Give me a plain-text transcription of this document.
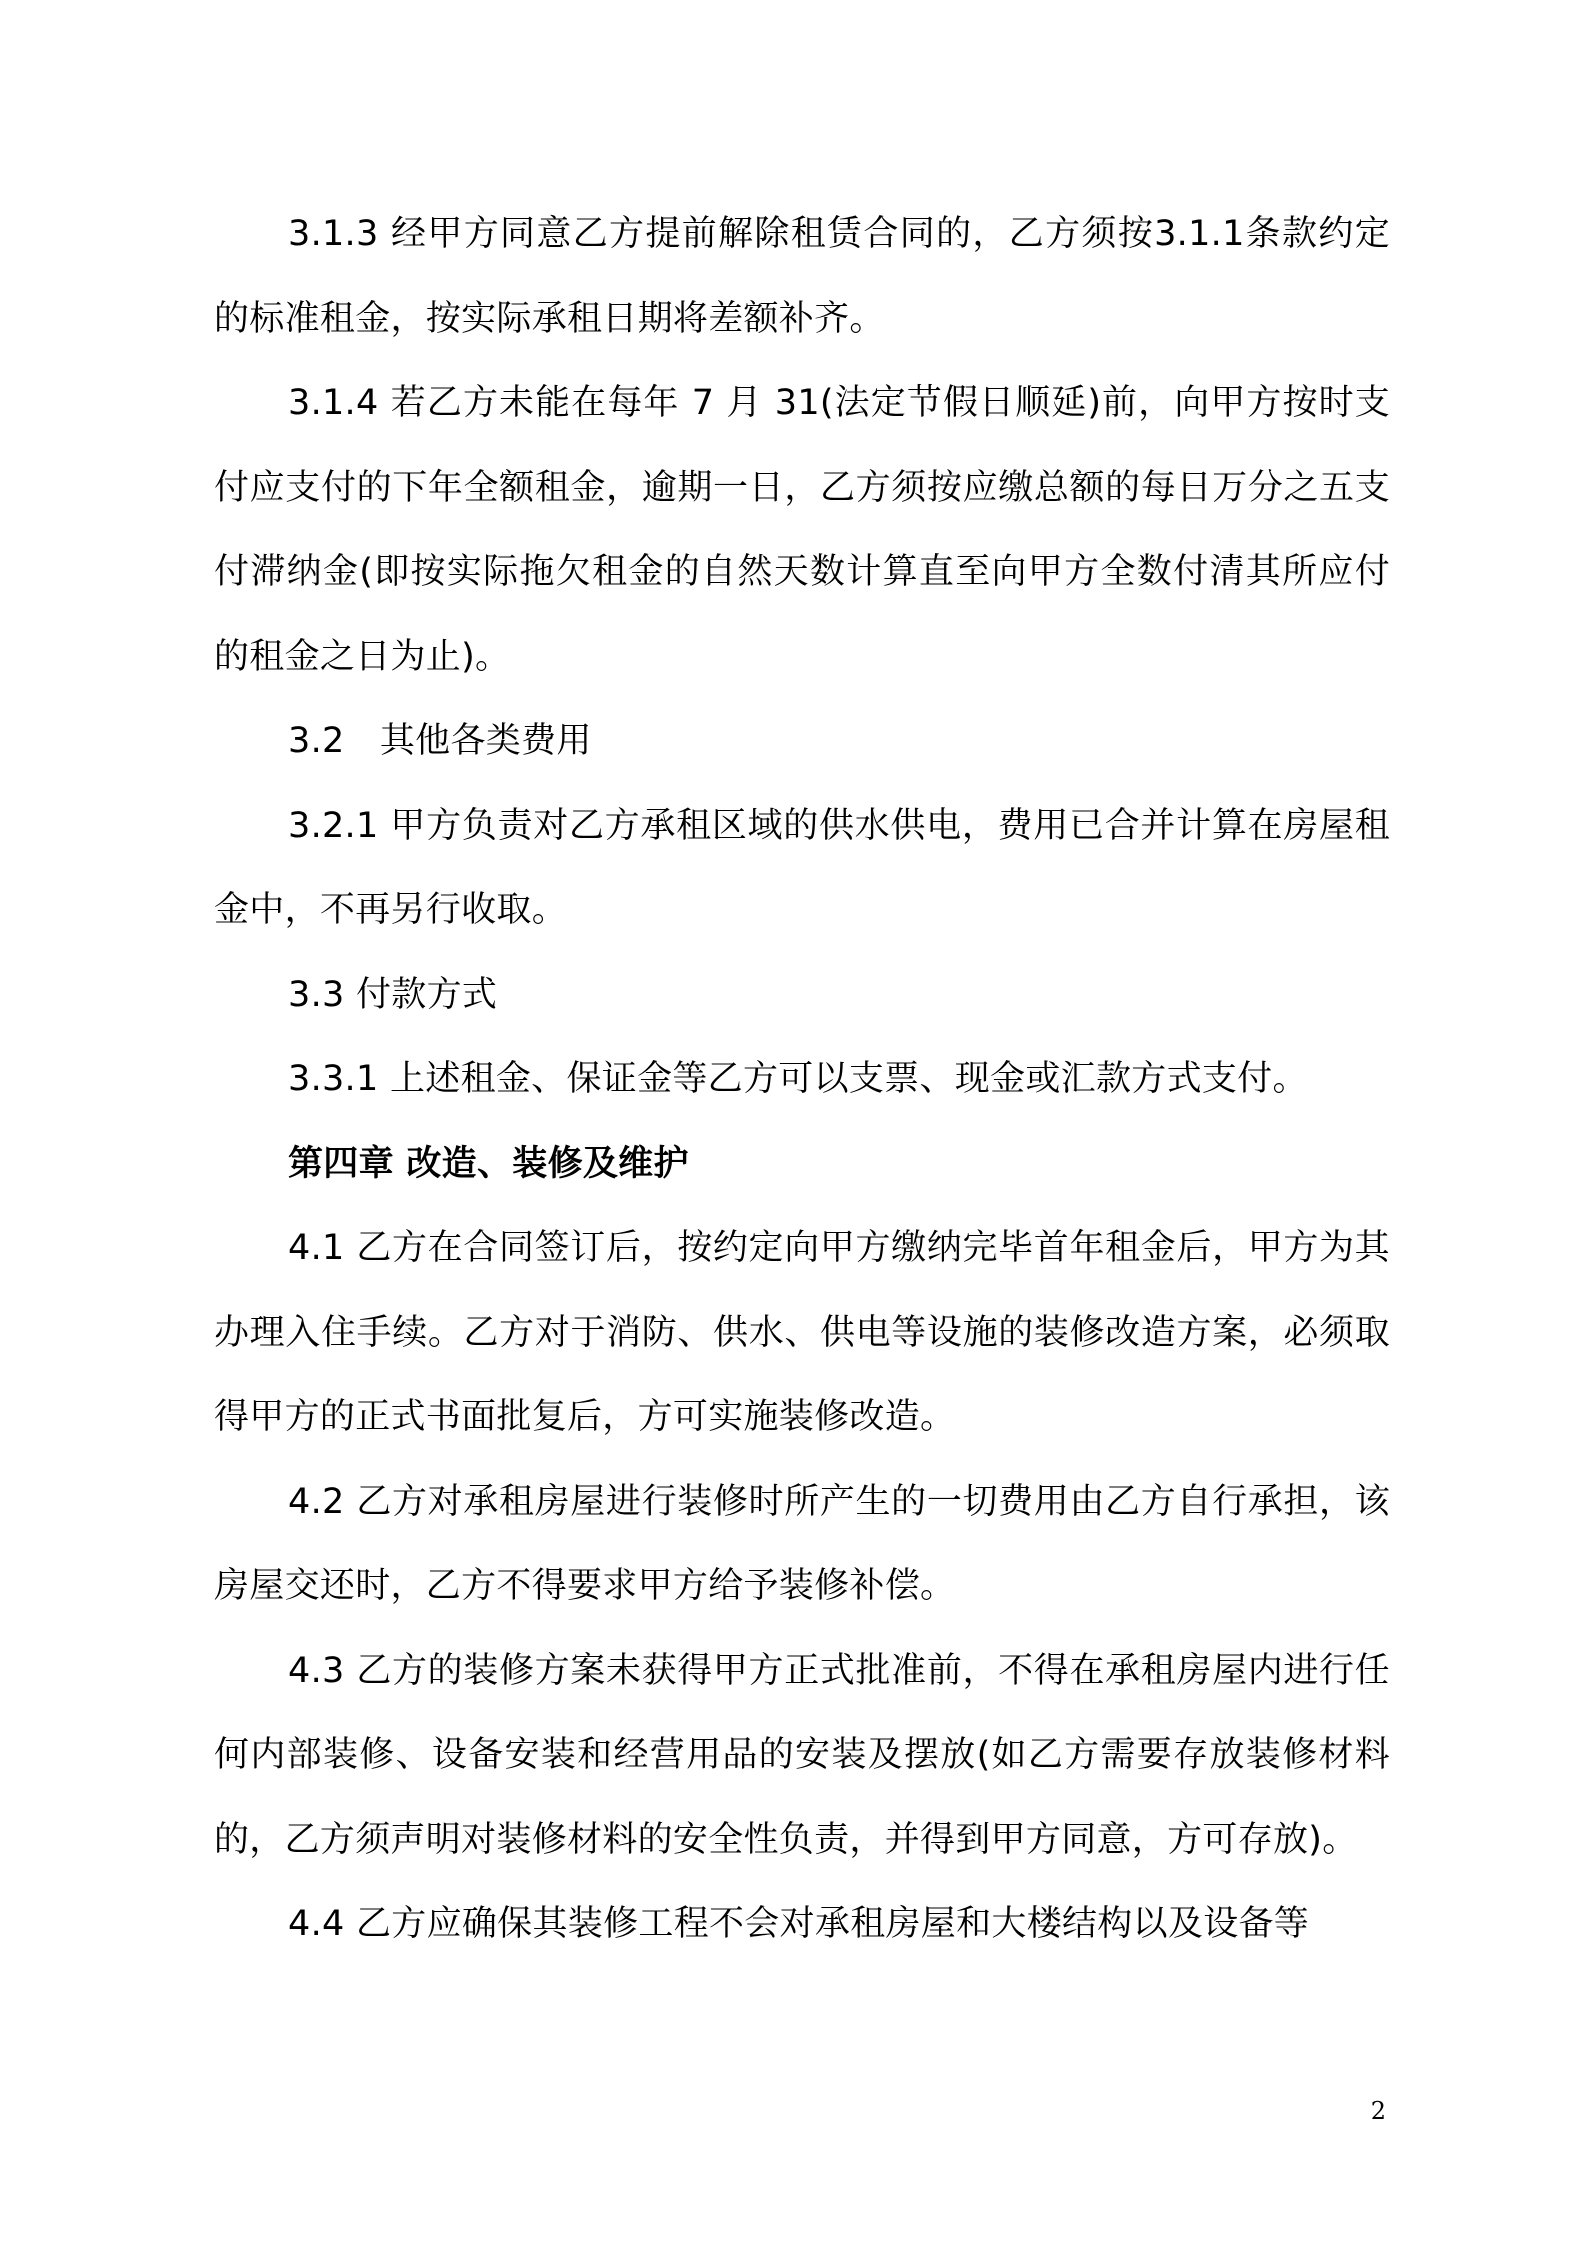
3.1.3 经甲方同意乙方提前解除租赁合同的，乙方须按3.1.1条款约定的标准租金，按实际承租日期将差额补齐。

3.1.4 若乙方未能在每年 7 月 31(法定节假日顺延)前，向甲方按时支付应支付的下年全额租金，逾期一日，乙方须按应缴总额的每日万分之五支付滞纳金(即按实际拖欠租金的自然天数计算直至向甲方全数付清其所应付的租金之日为止)。

3.2　其他各类费用

3.2.1 甲方负责对乙方承租区域的供水供电，费用已合并计算在房屋租金中，不再另行收取。

3.3 付款方式

3.3.1 上述租金、保证金等乙方可以支票、现金或汇款方式支付。

第四章 改造、装修及维护

4.1 乙方在合同签订后，按约定向甲方缴纳完毕首年租金后，甲方为其办理入住手续。乙方对于消防、供水、供电等设施的装修改造方案，必须取得甲方的正式书面批复后，方可实施装修改造。

4.2 乙方对承租房屋进行装修时所产生的一切费用由乙方自行承担，该房屋交还时，乙方不得要求甲方给予装修补偿。

4.3 乙方的装修方案未获得甲方正式批准前，不得在承租房屋内进行任何内部装修、设备安装和经营用品的安装及摆放(如乙方需要存放装修材料的，乙方须声明对装修材料的安全性负责，并得到甲方同意，方可存放)。

4.4 乙方应确保其装修工程不会对承租房屋和大楼结构以及设备等

2
